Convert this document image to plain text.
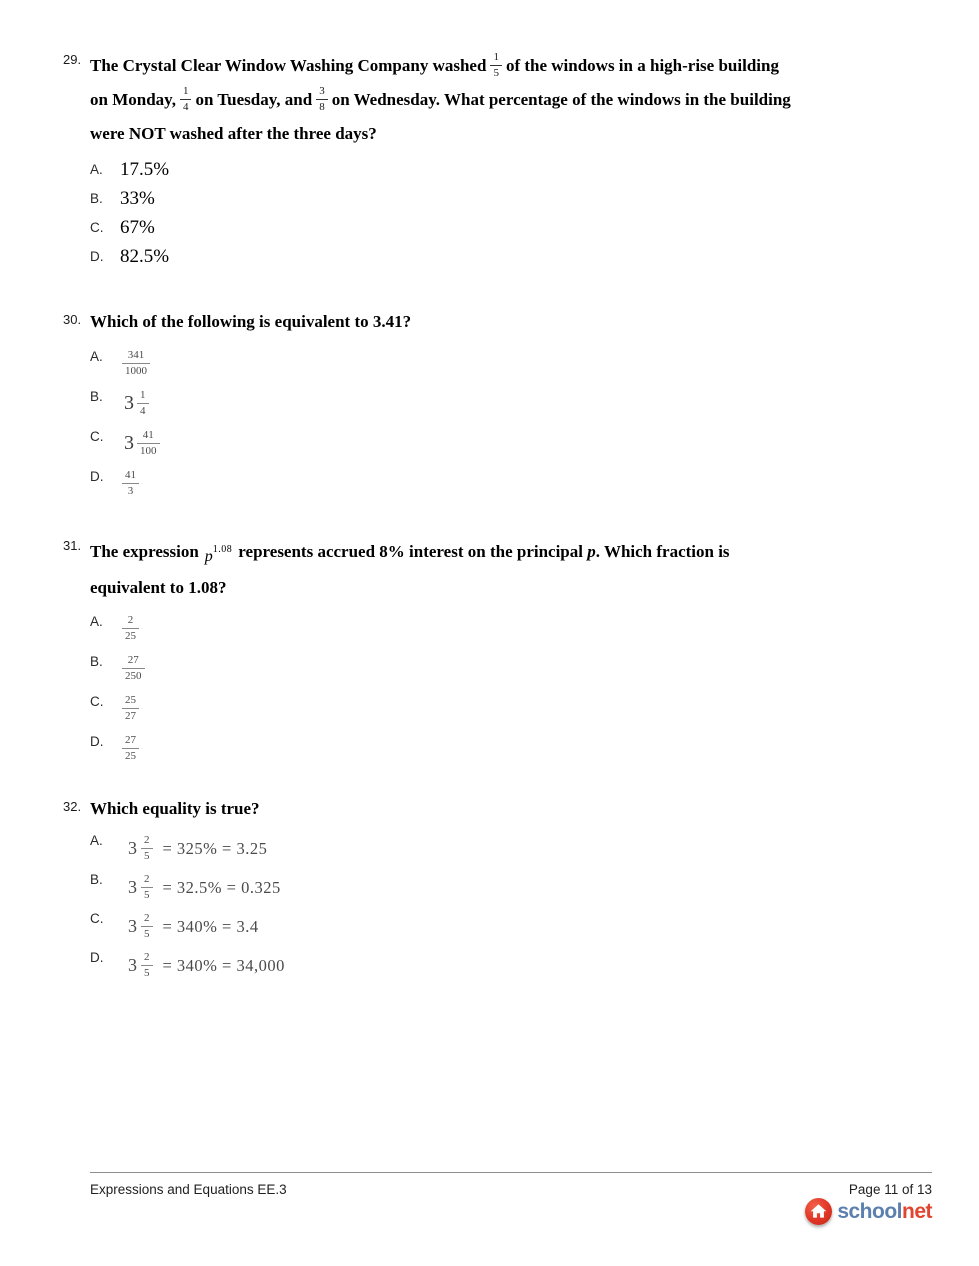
29. The Crystal Clear Window Washing Company washed $\frac{1}{5}$ of the windows in a high-rise building on Monday, $\frac{1}{4}$ on Tuesday, and $\frac{3}{8}$ on Wednesday. What percentage of the windows in the building were NOT washed after the three days?

A. 17.5%
B. 33%
C. 67%
D. 82.5%
30. Which of the following is equivalent to 3.41?

A.	$\frac{341}{1000}$
B.	$3 \frac{1}{4}$
C.	$3 \frac{41}{100}$
D.	$\frac{41}{3}$
31. The expression $p^{1.08}$ represents accrued 8% interest on the principal p. Which fraction is equivalent to 1.08?

A.	$\frac{2}{25}$
B.	$\frac{27}{250}$
C.	$\frac{25}{27}$
D.	$\frac{27}{25}$
32. Which equality is true?

A.	$3 \frac{2}{5} = 325\% = 3.25$
B.	$3 \frac{2}{5} = 32.5\% = 0.325$
C.	$3 \frac{2}{5} = 340\% = 3.4$
D.	$3 \frac{2}{5} = 340\% = 34,000$
Expressions and Equations EE.3	Page 11 of 13
schoolnet
